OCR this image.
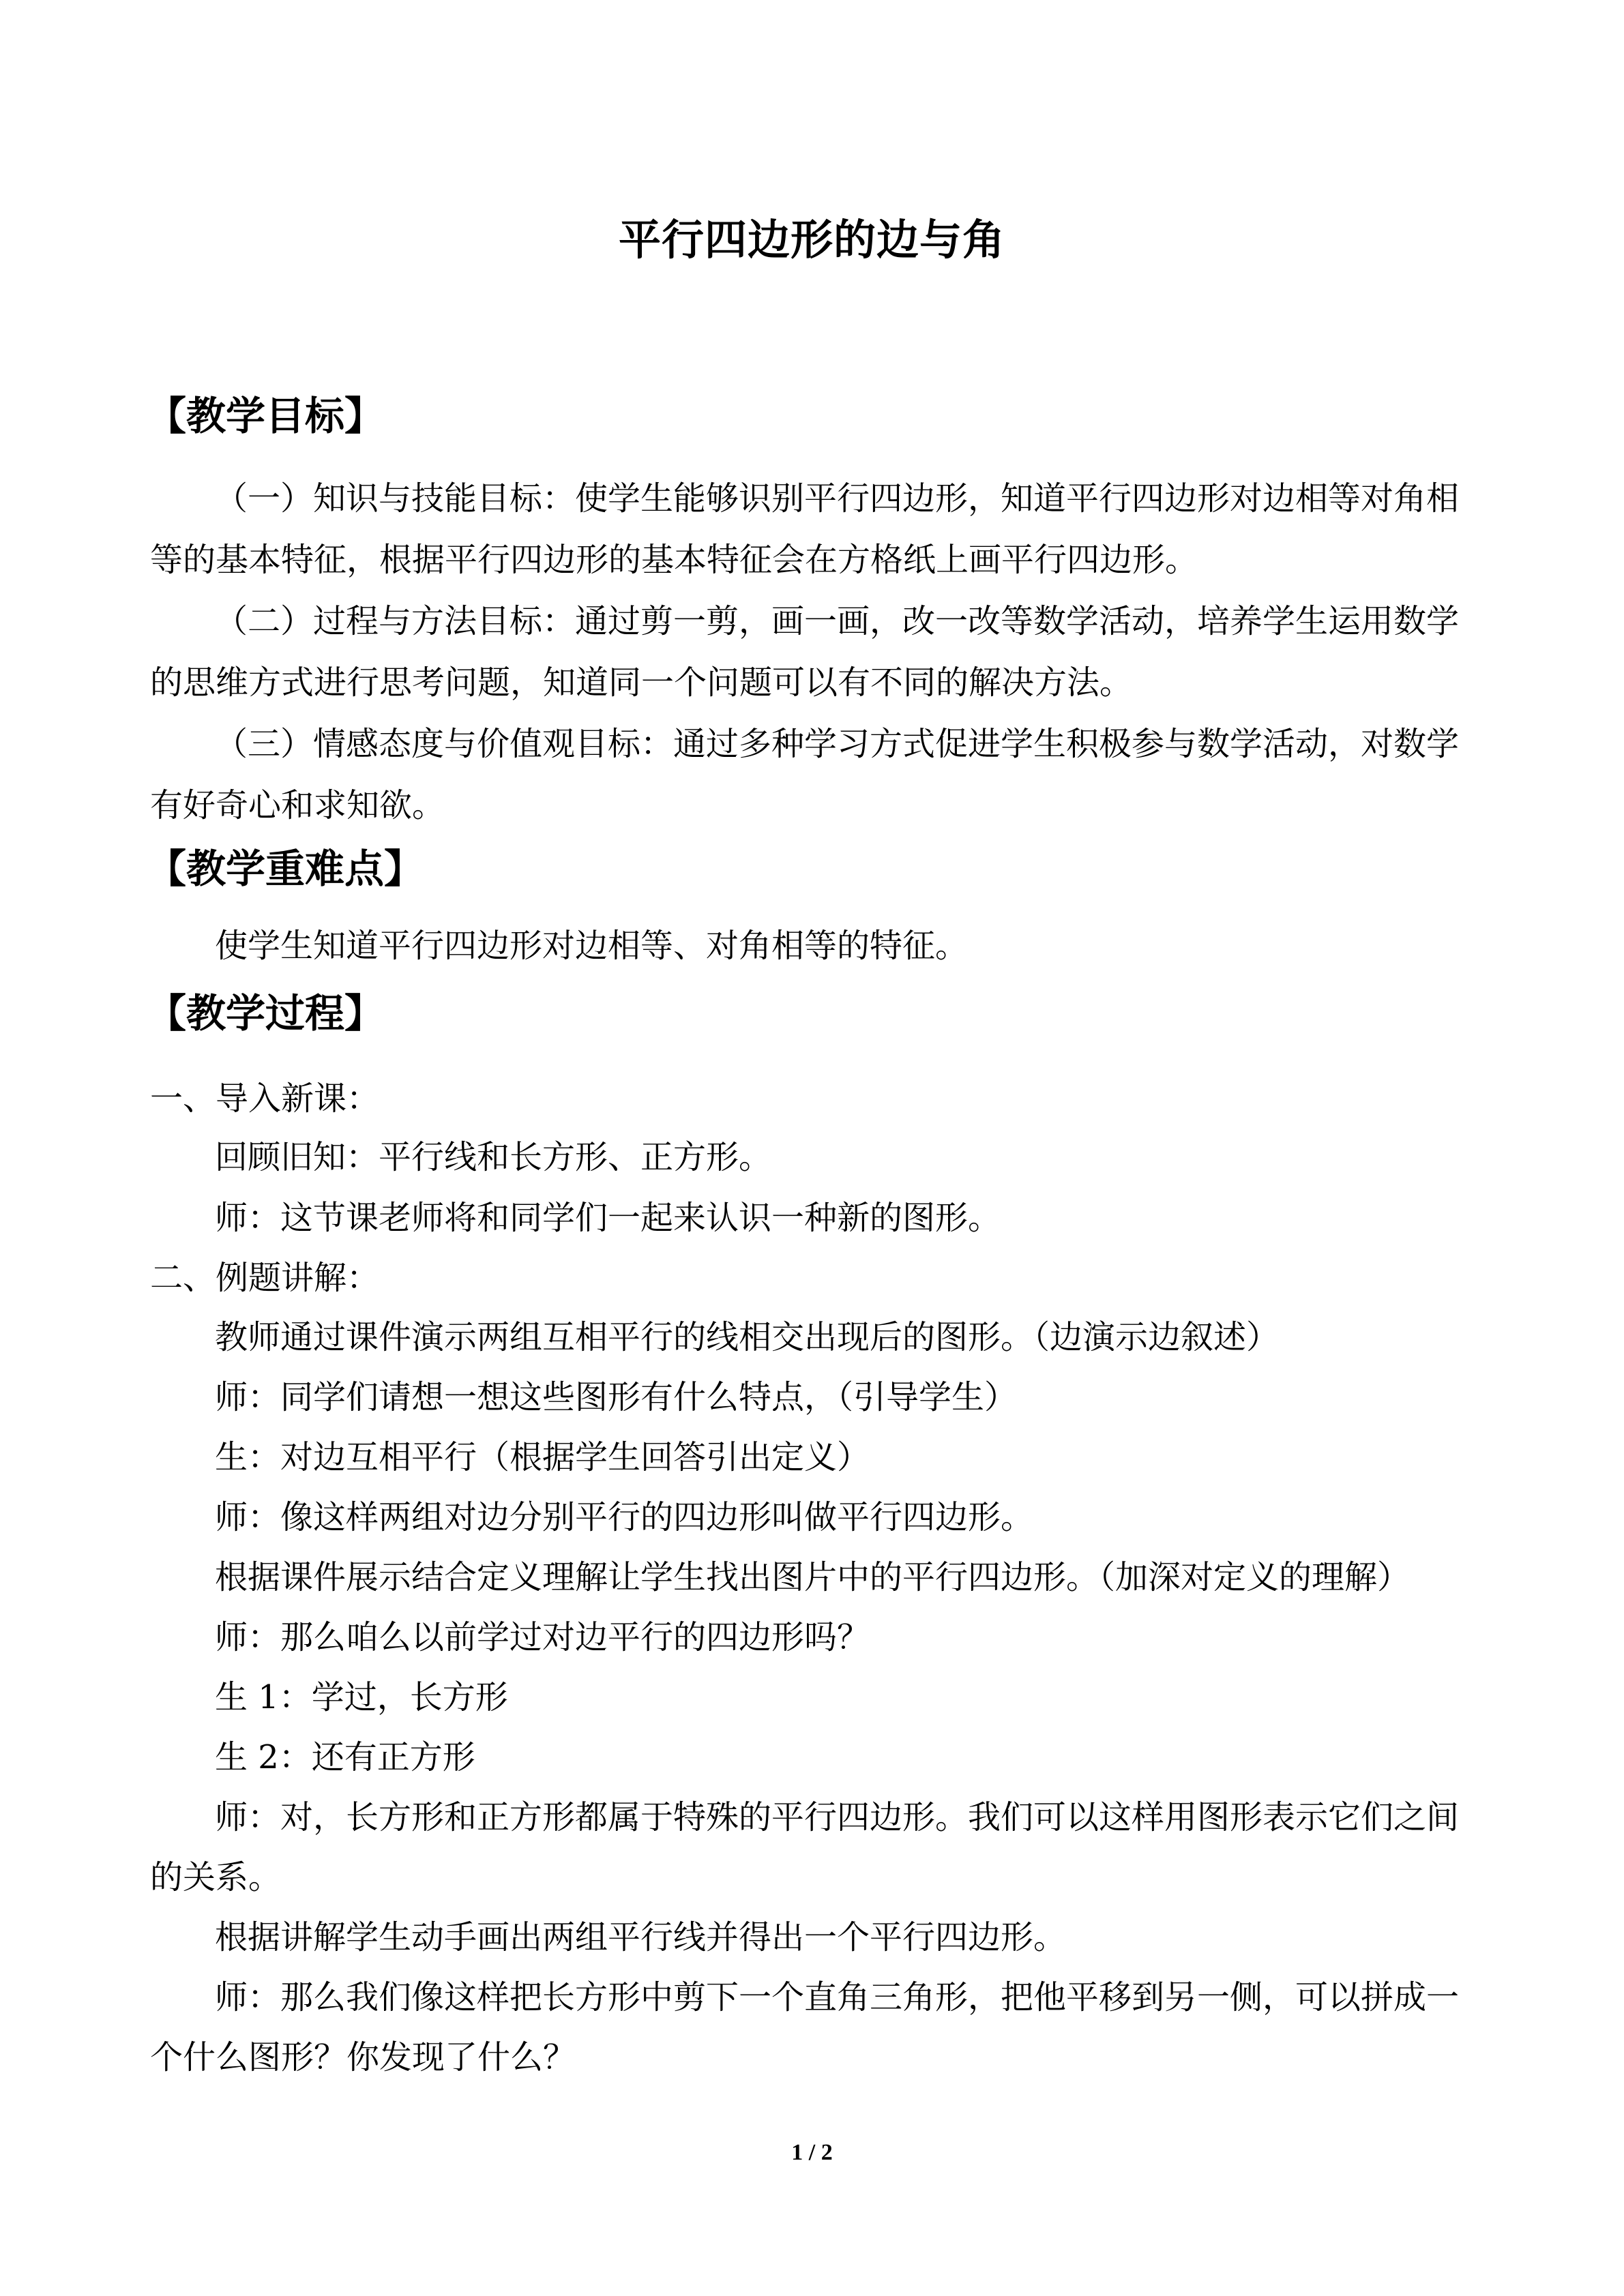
平行四边形的边与角
【教学目标】
（一）知识与技能目标：使学生能够识别平行四边形，知道平行四边形对边相等对角相
等的基本特征，根据平行四边形的基本特征会在方格纸上画平行四边形。
（二）过程与方法目标：通过剪一剪，画一画，改一改等数学活动，培养学生运用数学
的思维方式进行思考问题，知道同一个问题可以有不同的解决方法。
（三）情感态度与价值观目标：通过多种学习方式促进学生积极参与数学活动，对数学
有好奇心和求知欲。
【教学重难点】
使学生知道平行四边形对边相等、对角相等的特征。
【教学过程】
一、导入新课：
回顾旧知：平行线和长方形、正方形。
师：这节课老师将和同学们一起来认识一种新的图形。
二、例题讲解：
教师通过课件演示两组互相平行的线相交出现后的图形。（边演示边叙述）
师：同学们请想一想这些图形有什么特点，（引导学生）
生：对边互相平行（根据学生回答引出定义）
师：像这样两组对边分别平行的四边形叫做平行四边形。
根据课件展示结合定义理解让学生找出图片中的平行四边形。（加深对定义的理解）
师：那么咱么以前学过对边平行的四边形吗？
生 1：学过，长方形
生 2：还有正方形
师：对，长方形和正方形都属于特殊的平行四边形。我们可以这样用图形表示它们之间
的关系。
根据讲解学生动手画出两组平行线并得出一个平行四边形。
师：那么我们像这样把长方形中剪下一个直角三角形，把他平移到另一侧，可以拼成一
个什么图形？你发现了什么？
1 / 2
